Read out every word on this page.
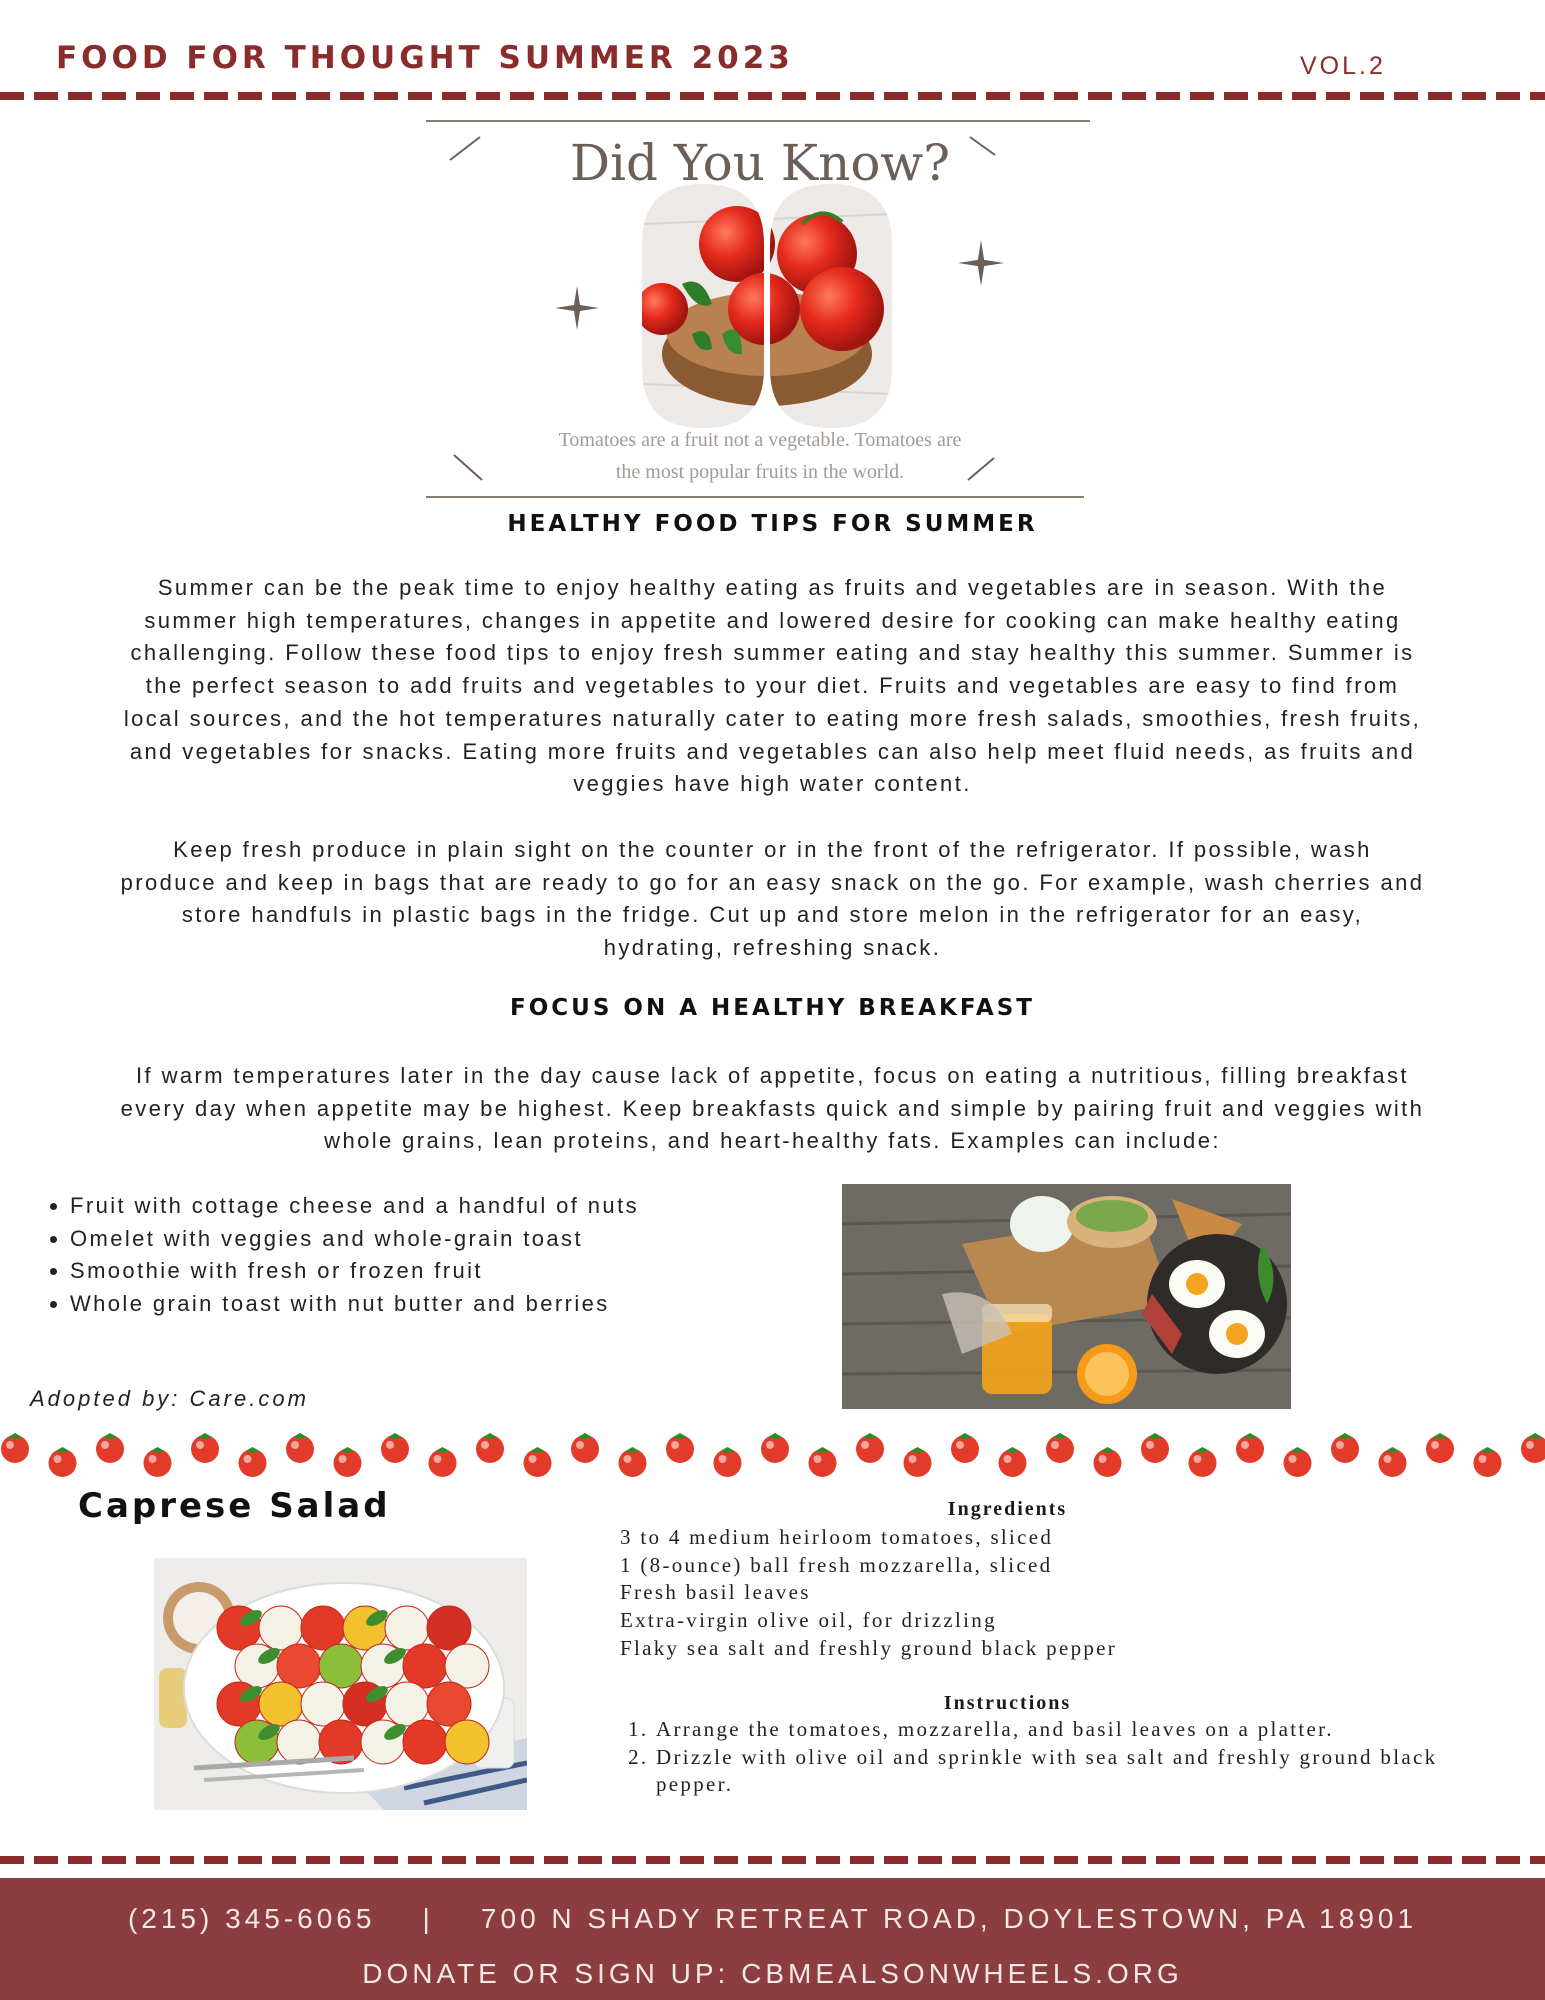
FOOD FOR THOUGHT SUMMER 2023	VOL.2
Did You Know?
Tomatoes are a fruit not a vegetable. Tomatoes are
the most popular fruits in the world.
HEALTHY FOOD TIPS FOR SUMMER
Summer can be the peak time to enjoy healthy eating as fruits and vegetables are in season. With the
summer high temperatures, changes in appetite and lowered desire for cooking can make healthy eating
challenging. Follow these food tips to enjoy fresh summer eating and stay healthy this summer. Summer is
the perfect season to add fruits and vegetables to your diet. Fruits and vegetables are easy to find from
local sources, and the hot temperatures naturally cater to eating more fresh salads, smoothies, fresh fruits,
and vegetables for snacks. Eating more fruits and vegetables can also help meet fluid needs, as fruits and
veggies have high water content.
Keep fresh produce in plain sight on the counter or in the front of the refrigerator. If possible, wash
produce and keep in bags that are ready to go for an easy snack on the go. For example, wash cherries and
store handfuls in plastic bags in the fridge. Cut up and store melon in the refrigerator for an easy,
hydrating, refreshing snack.
FOCUS ON A HEALTHY BREAKFAST
If warm temperatures later in the day cause lack of appetite, focus on eating a nutritious, filling breakfast
every day when appetite may be highest. Keep breakfasts quick and simple by pairing fruit and veggies with
whole grains, lean proteins, and heart-healthy fats. Examples can include:
• Fruit with cottage cheese and a handful of nuts
• Omelet with veggies and whole-grain toast
• Smoothie with fresh or frozen fruit
• Whole grain toast with nut butter and berries
Adopted by: Care.com
Caprese Salad	Ingredients
3 to 4 medium heirloom tomatoes, sliced
1 (8-ounce) ball fresh mozzarella, sliced
Fresh basil leaves
Extra-virgin olive oil, for drizzling
Flaky sea salt and freshly ground black pepper
Instructions
1. Arrange the tomatoes, mozzarella, and basil leaves on a platter.
2. Drizzle with olive oil and sprinkle with sea salt and freshly ground black pepper.
(215) 345-6065    |    700 N SHADY RETREAT ROAD, DOYLESTOWN, PA 18901
DONATE OR SIGN UP: CBMEALSONWHEELS.ORG
